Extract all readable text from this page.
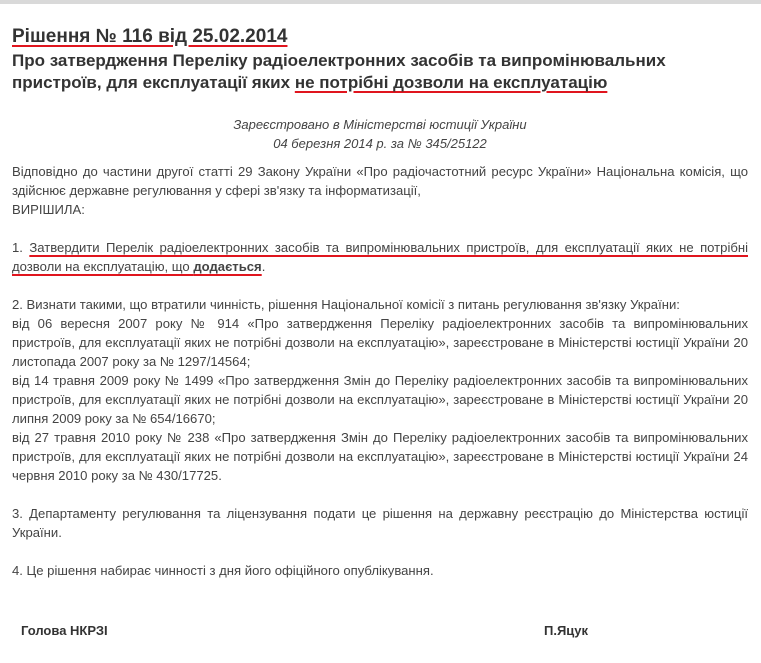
Рішення № 116 від 25.02.2014
Про затвердження Переліку радіоелектронних засобів та випромінювальних пристроїв, для експлуатації яких не потрібні дозволи на експлуатацію
Зареєстровано в Міністерстві юстиції України
04 березня 2014 р. за № 345/25122

Відповідно до частини другої статті 29 Закону України «Про радіочастотний ресурс України» Національна комісія, що здійснює державне регулювання у сфері зв'язку та інформатизації,

ВИРІШИЛА:

1. Затвердити Перелік радіоелектронних засобів та випромінювальних пристроїв, для експлуатації яких не потрібні дозволи на експлуатацію, що додається.

2. Визнати такими, що втратили чинність, рішення Національної комісії з питань регулювання зв'язку України:

від 06 вересня 2007 року № 914 «Про затвердження Переліку радіоелектронних засобів та випромінювальних пристроїв, для експлуатації яких не потрібні дозволи на експлуатацію», зареєстроване в Міністерстві юстиції України 20 листопада 2007 року за № 1297/14564;

від 14 травня 2009 року № 1499 «Про затвердження Змін до Переліку радіоелектронних засобів та випромінювальних пристроїв, для експлуатації яких не потрібні дозволи на експлуатацію», зареєстроване в Міністерстві юстиції України 20 липня 2009 року за № 654/16670;

від 27 травня 2010 року № 238 «Про затвердження Змін до Переліку радіоелектронних засобів та випромінювальних пристроїв, для експлуатації яких не потрібні дозволи на експлуатацію», зареєстроване в Міністерстві юстиції України 24 червня 2010 року за № 430/17725.

3. Департаменту регулювання та ліцензування подати це рішення на державну реєстрацію до Міністерства юстиції України.

4. Це рішення набирає чинності з дня його офіційного опублікування.

Голова НКРЗІ	П.Яцук
